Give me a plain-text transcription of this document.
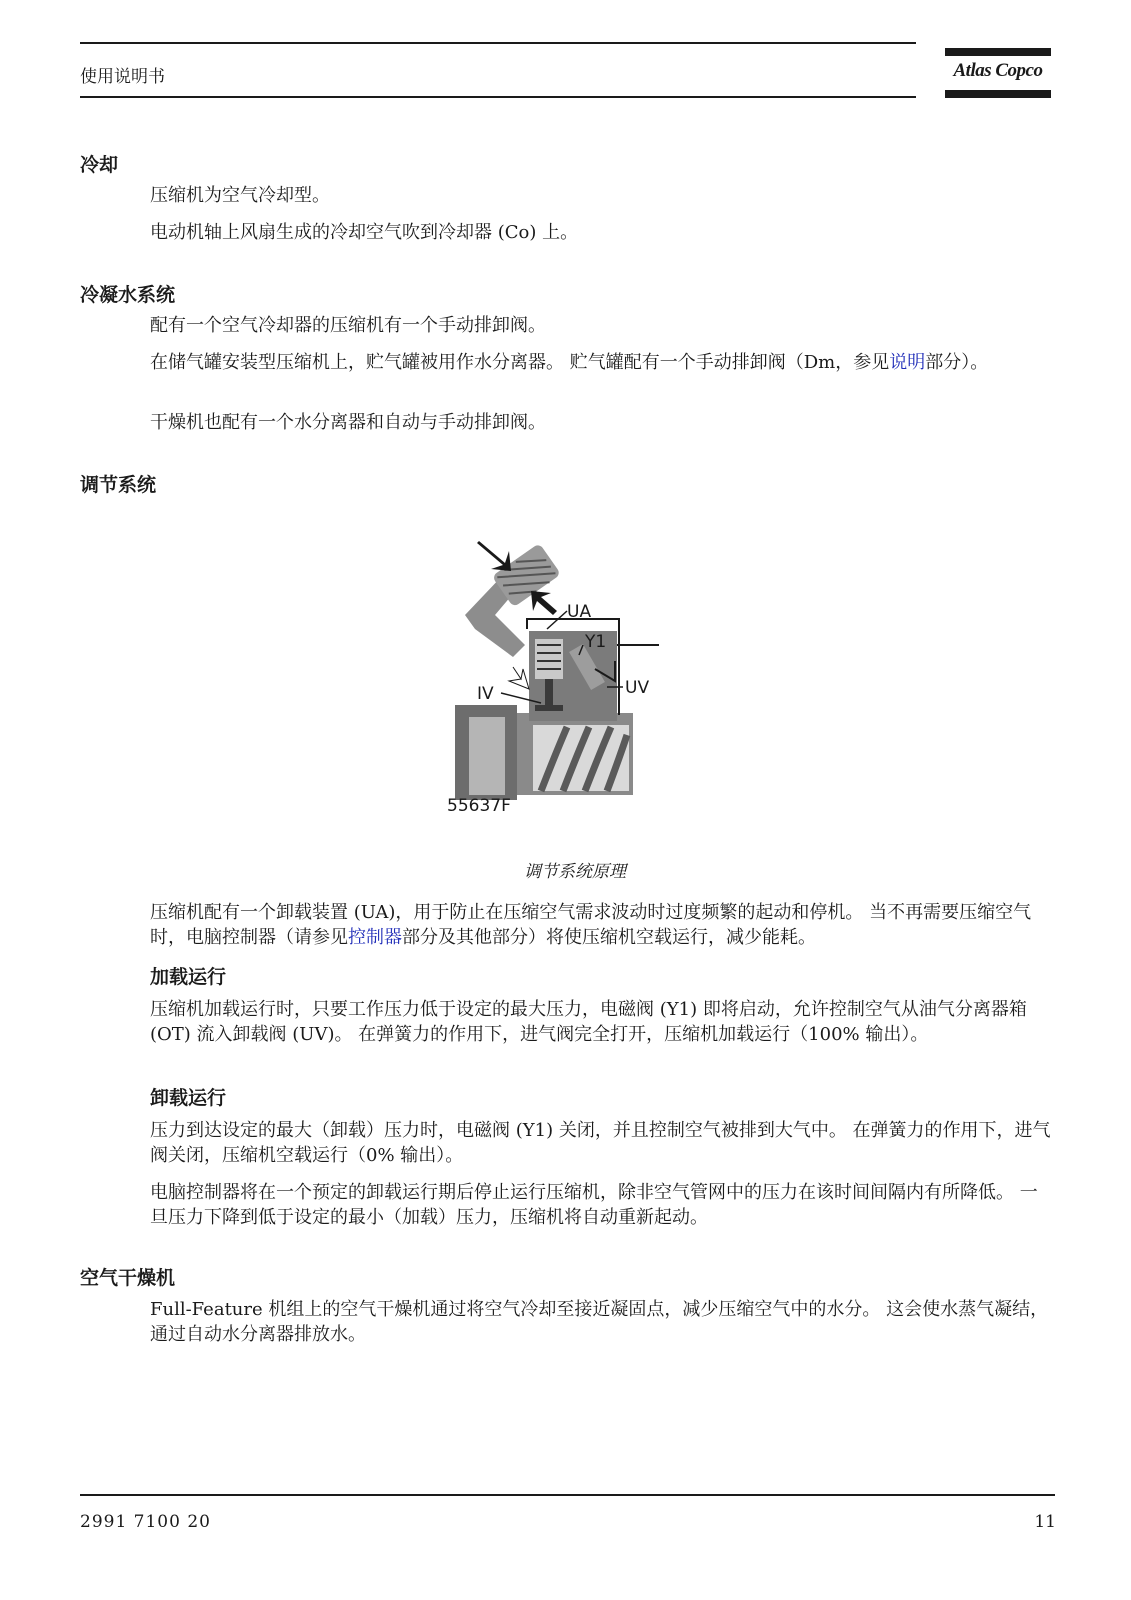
使用说明书	Atlas Copco
冷却

压缩机为空气冷却型。

电动机轴上风扇生成的冷却空气吹到冷却器 (Co) 上。

冷凝水系统

配有一个空气冷却器的压缩机有一个手动排卸阀。

在储气罐安装型压缩机上，贮气罐被用作水分离器。 贮气罐配有一个手动排卸阀（Dm，参见说明部分）。

干燥机也配有一个水分离器和自动与手动排卸阀。

调节系统
UA
Y1
UV
IV
55637F
调节系统原理

压缩机配有一个卸载装置 (UA)，用于防止在压缩空气需求波动时过度频繁的起动和停机。 当不再需要压缩空气时，电脑控制器（请参见控制器部分及其他部分）将使压缩机空载运行，减少能耗。

加载运行

压缩机加载运行时，只要工作压力低于设定的最大压力，电磁阀 (Y1) 即将启动，允许控制空气从油气分离器箱 (OT) 流入卸载阀 (UV)。 在弹簧力的作用下，进气阀完全打开，压缩机加载运行（100% 输出）。

卸载运行

压力到达设定的最大（卸载）压力时，电磁阀 (Y1) 关闭，并且控制空气被排到大气中。 在弹簧力的作用下，进气阀关闭，压缩机空载运行（0% 输出）。

电脑控制器将在一个预定的卸载运行期后停止运行压缩机，除非空气管网中的压力在该时间间隔内有所降低。 一旦压力下降到低于设定的最小（加载）压力，压缩机将自动重新起动。

空气干燥机

Full-Feature 机组上的空气干燥机通过将空气冷却至接近凝固点，减少压缩空气中的水分。 这会使水蒸气凝结，通过自动水分离器排放水。

2991 7100 20	11
